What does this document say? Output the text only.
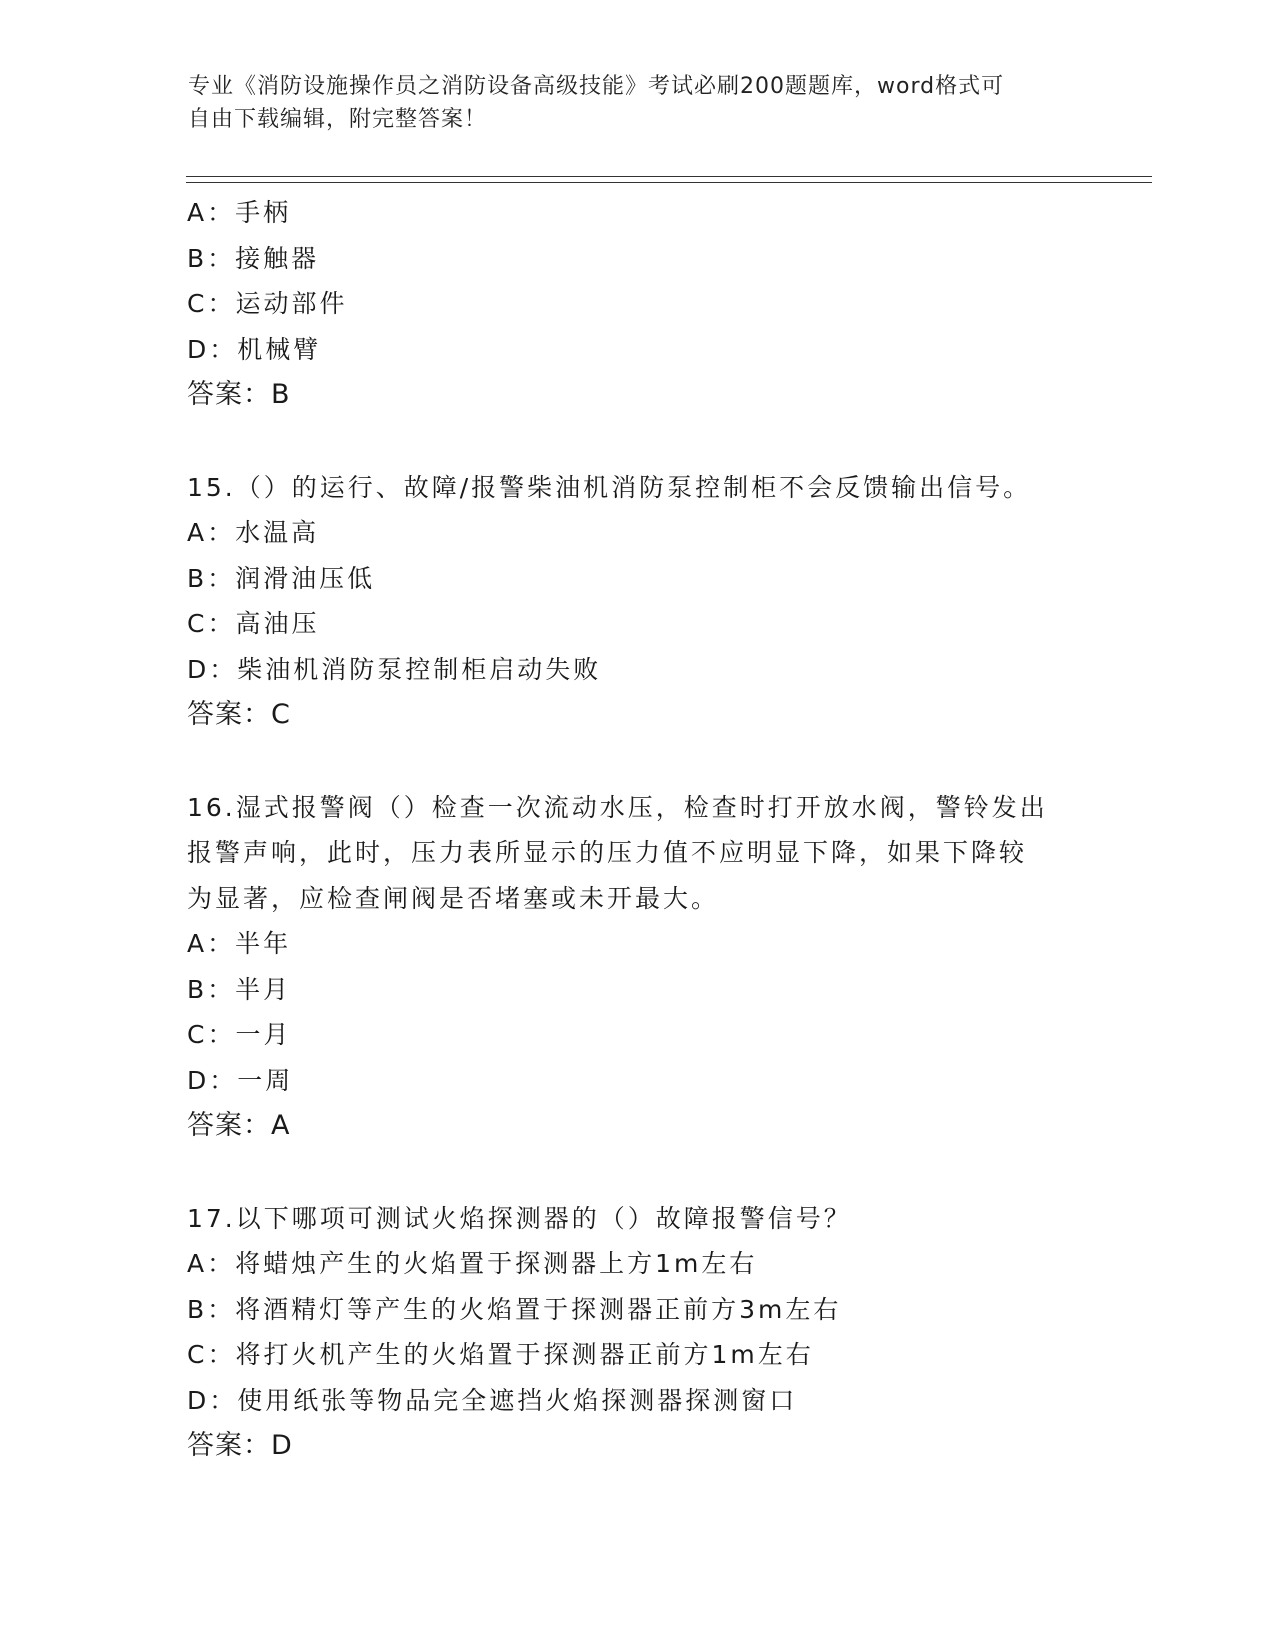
专业《消防设施操作员之消防设备高级技能》考试必刷200题题库，word格式可
自由下载编辑，附完整答案！
A：手柄
B：接触器
C：运动部件
D：机械臂
答案：B
15.（）的运行、故障/报警柴油机消防泵控制柜不会反馈输出信号。
A：水温高
B：润滑油压低
C：高油压
D：柴油机消防泵控制柜启动失败
答案：C
16.湿式报警阀（）检查一次流动水压，检查时打开放水阀，警铃发出
报警声响，此时，压力表所显示的压力值不应明显下降，如果下降较
为显著，应检查闸阀是否堵塞或未开最大。
A：半年
B：半月
C：一月
D：一周
答案：A
17.以下哪项可测试火焰探测器的（）故障报警信号？
A：将蜡烛产生的火焰置于探测器上方1m左右
B：将酒精灯等产生的火焰置于探测器正前方3m左右
C：将打火机产生的火焰置于探测器正前方1m左右
D：使用纸张等物品完全遮挡火焰探测器探测窗口
答案：D
